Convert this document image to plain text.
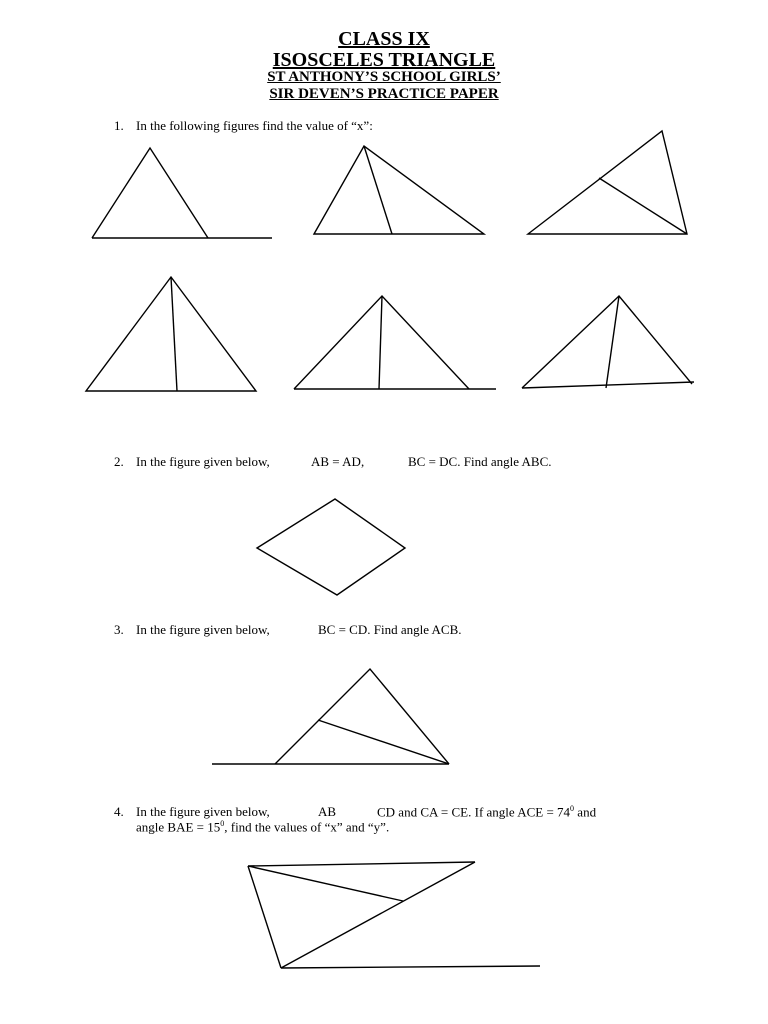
CLASS IX
ISOSCELES TRIANGLE
ST ANTHONY’S SCHOOL GIRLS’
SIR DEVEN’S PRACTICE PAPER
1. In the following figures find the value of “x”:
2. In the figure given below,	AB = AD,	BC = DC. Find angle ABC.
3. In the figure given below,	BC = CD. Find angle ACB.
4. In the figure given below,	AB	CD and CA = CE. If angle ACE = $74^0$ and
angle BAE = $15^0$, find the values of “x” and “y”.
